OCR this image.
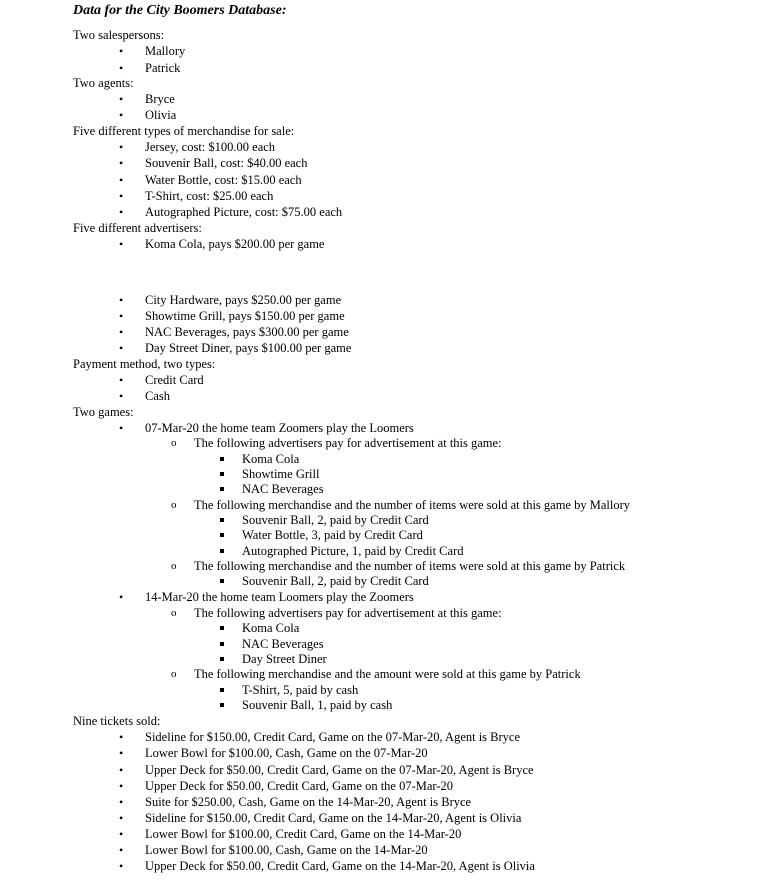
Data for the City Boomers Database:
Two salespersons:
• Mallory
• Patrick
Two agents:
• Bryce
• Olivia
Five different types of merchandise for sale:
• Jersey, cost: $100.00 each
• Souvenir Ball, cost: $40.00 each
• Water Bottle, cost: $15.00 each
• T-Shirt, cost: $25.00 each
• Autographed Picture, cost: $75.00 each
Five different advertisers:
• Koma Cola, pays $200.00 per game
• City Hardware, pays $250.00 per game
• Showtime Grill, pays $150.00 per game
• NAC Beverages, pays $300.00 per game
• Day Street Diner, pays $100.00 per game
Payment method, two types:
• Credit Card
• Cash
Two games:
• 07-Mar-20 the home team Zoomers play the Loomers
o The following advertisers pay for advertisement at this game:
Koma Cola
Showtime Grill
NAC Beverages
o The following merchandise and the number of items were sold at this game by Mallory
Souvenir Ball, 2, paid by Credit Card
Water Bottle, 3, paid by Credit Card
Autographed Picture, 1, paid by Credit Card
o The following merchandise and the number of items were sold at this game by Patrick
Souvenir Ball, 2, paid by Credit Card
• 14-Mar-20 the home team Loomers play the Zoomers
o The following advertisers pay for advertisement at this game:
Koma Cola
NAC Beverages
Day Street Diner
o The following merchandise and the amount were sold at this game by Patrick
T-Shirt, 5, paid by cash
Souvenir Ball, 1, paid by cash
Nine tickets sold:
• Sideline for $150.00, Credit Card, Game on the 07-Mar-20, Agent is Bryce
• Lower Bowl for $100.00, Cash, Game on the 07-Mar-20
• Upper Deck for $50.00, Credit Card, Game on the 07-Mar-20, Agent is Bryce
• Upper Deck for $50.00, Credit Card, Game on the 07-Mar-20
• Suite for $250.00, Cash, Game on the 14-Mar-20, Agent is Bryce
• Sideline for $150.00, Credit Card, Game on the 14-Mar-20, Agent is Olivia
• Lower Bowl for $100.00, Credit Card, Game on the 14-Mar-20
• Lower Bowl for $100.00, Cash, Game on the 14-Mar-20
• Upper Deck for $50.00, Credit Card, Game on the 14-Mar-20, Agent is Olivia
